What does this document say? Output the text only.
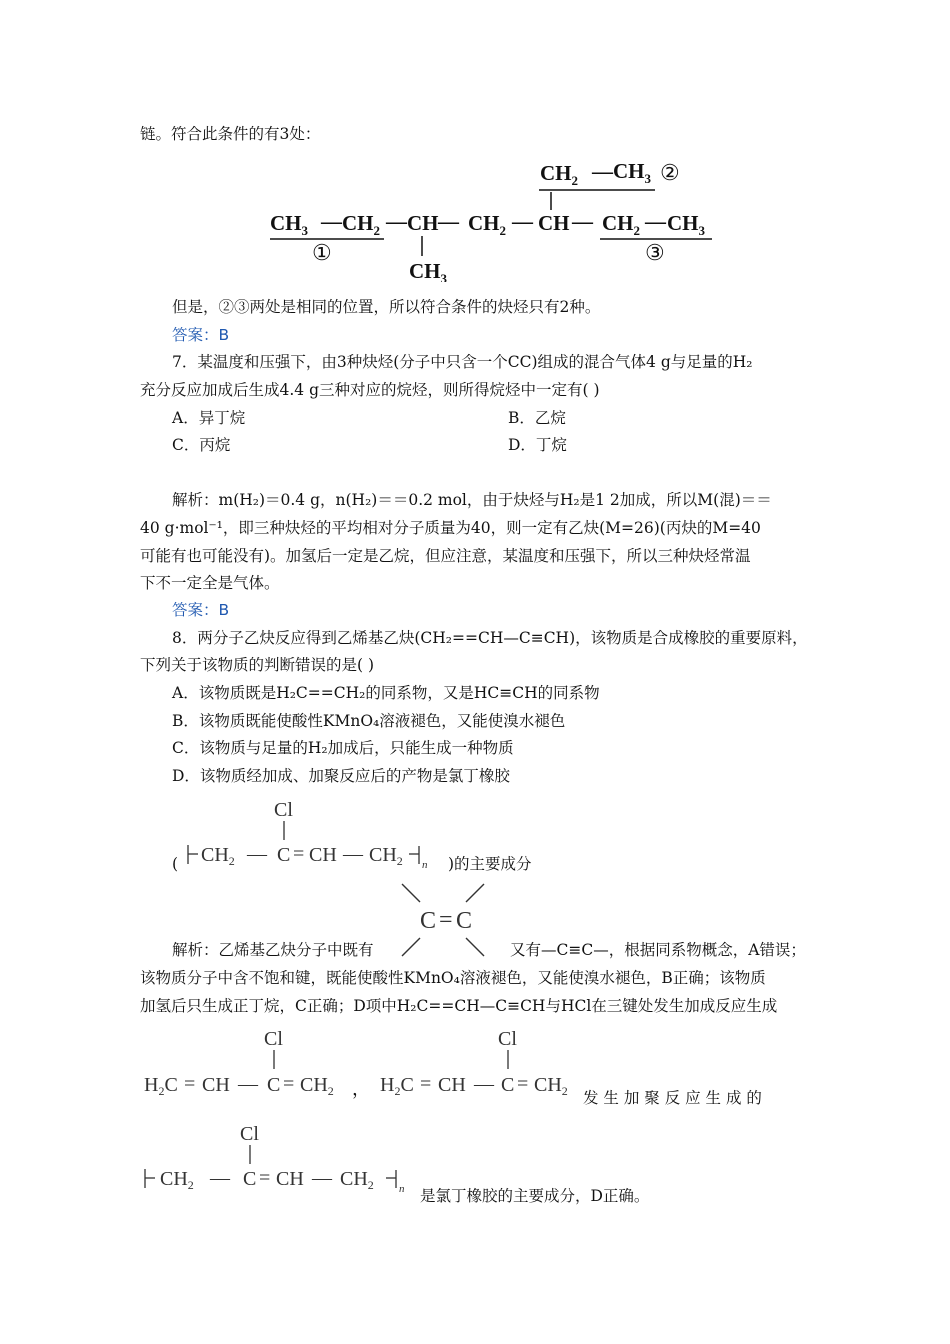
链。符合此条件的有3处：
$CH_2$ $—CH_3$ ②
$CH_3$ — $CH_2$ — CH — $CH_2$ — CH — $CH_2$ — $CH_3$
$CH_3$
①	③
但是，②③两处是相同的位置，所以符合条件的炔烃只有2种。
答案：B
7．某温度和压强下，由3种炔烃(分子中只含一个CC)组成的混合气体4 g与足量的H₂
充分反应加成后生成4.4 g三种对应的烷烃，则所得烷烃中一定有( )
A．异丁烷	B．乙烷
C．丙烷	D．丁烷
解析：m(H₂)＝0.4 g，n(H₂)＝＝0.2 mol，由于炔烃与H₂是1 2加成，所以M(混)＝＝
40 g·mol⁻¹，即三种炔烃的平均相对分子质量为40，则一定有乙炔(M=26)(丙炔的M=40
可能有也可能没有)。加氢后一定是乙烷，但应注意，某温度和压强下，所以三种炔烃常温
下不一定全是气体。
答案：B
8．两分子乙炔反应得到乙烯基乙炔(CH₂==CH—C≡CH)，该物质是合成橡胶的重要原料，
下列关于该物质的判断错误的是( )
A．该物质既是H₂C==CH₂的同系物，又是HC≡CH的同系物
B．该物质既能使酸性KMnO₄溶液褪色，又能使溴水褪色
C．该物质与足量的H₂加成后，只能生成一种物质
D．该物质经加成、加聚反应后的产物是氯丁橡胶
(
Cl
$CH_2$ — C = CH — $CH_2$ n )的主要成分
C = C
解析：乙烯基乙炔分子中既有	又有—C≡C—，根据同系物概念，A错误；
该物质分子中含不饱和键，既能使酸性KMnO₄溶液褪色，又能使溴水褪色，B正确；该物质
加氢后只生成正丁烷，C正确；D项中H₂C==CH—C≡CH与HCl在三键处发生加成反应生成
Cl
$H_2C$ = CH — $C = CH_2$ ，
Cl
$H_2C$ = CH — $C = CH_2$ 发 生 加 聚 反 应 生 成 的
Cl
$CH_2$ — C = CH — $CH_2$ n 是氯丁橡胶的主要成分，D正确。
